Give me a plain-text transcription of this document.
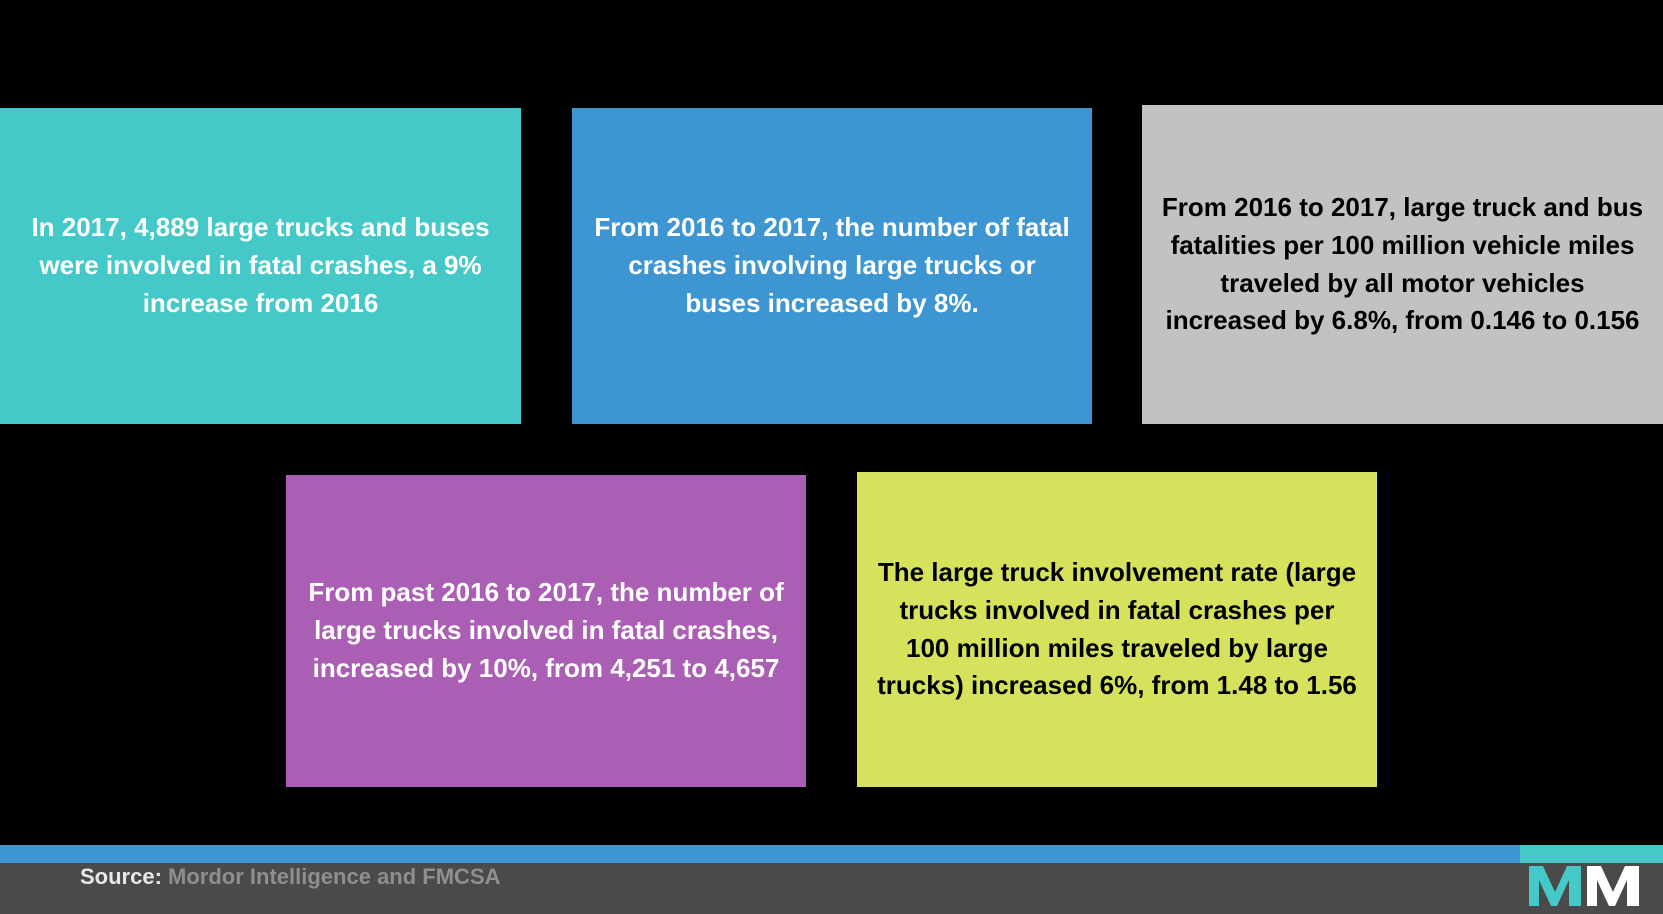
In 2017, 4,889 large trucks and buses were involved in fatal crashes, a 9% increase from 2016
From 2016 to 2017, the number of fatal crashes involving large trucks or buses increased by 8%.
From 2016 to 2017, large truck and bus fatalities per 100 million vehicle miles traveled by all motor vehicles increased by 6.8%, from 0.146 to 0.156
From past 2016 to 2017, the number of large trucks involved in fatal crashes, increased by 10%, from 4,251 to 4,657
The large truck involvement rate (large trucks involved in fatal crashes per 100 million miles traveled by large trucks) increased 6%, from 1.48 to 1.56
Source: Mordor Intelligence and FMCSA
